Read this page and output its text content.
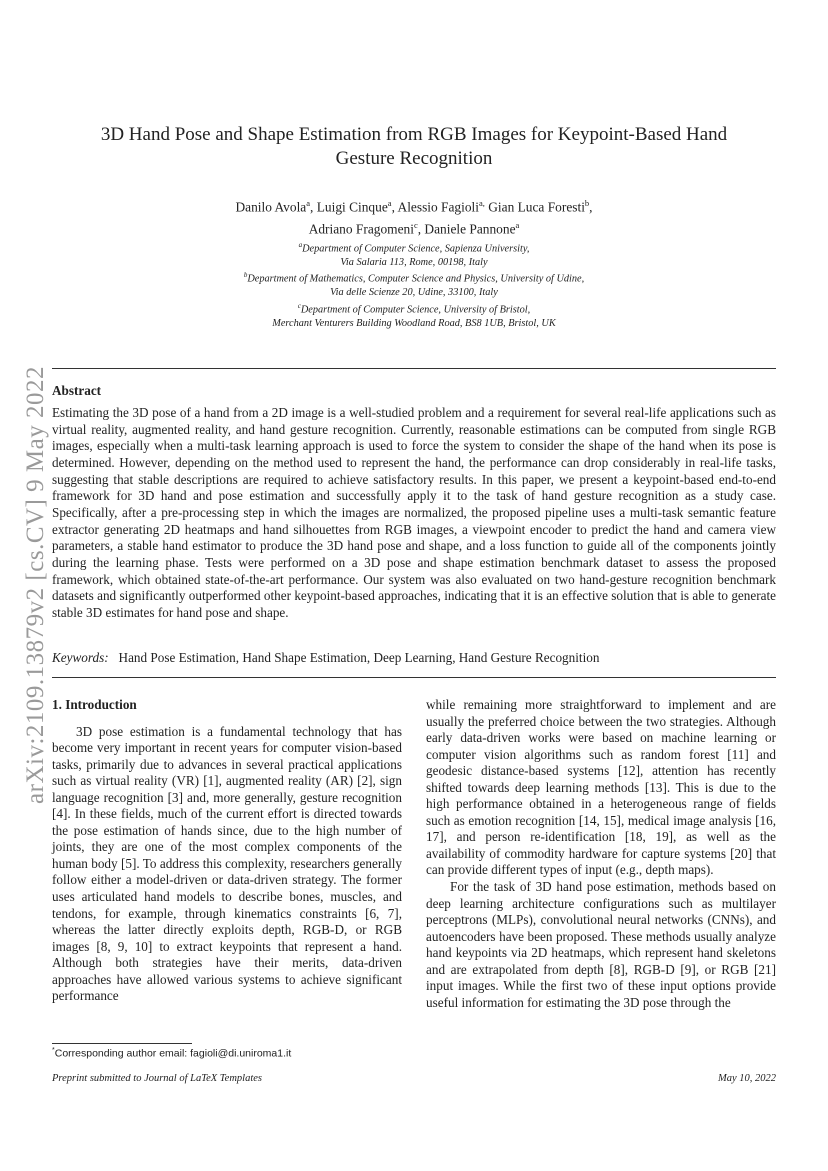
arXiv:2109.13879v2 [cs.CV] 9 May 2022
3D Hand Pose and Shape Estimation from RGB Images for Keypoint-Based Hand
Gesture Recognition
Danilo Avola$^a$, Luigi Cinque$^a$, Alessio Fagioli$^{a,}$ Gian Luca Foresti$^b$,
Adriano Fragomeni$^c$, Daniele Pannone$^a$
$^a$Department of Computer Science, Sapienza University,
Via Salaria 113, Rome, 00198, Italy
$^b$Department of Mathematics, Computer Science and Physics, University of Udine,
Via delle Scienze 20, Udine, 33100, Italy
$^c$Department of Computer Science, University of Bristol,
Merchant Venturers Building Woodland Road, BS8 1UB, Bristol, UK
Abstract

Estimating the 3D pose of a hand from a 2D image is a well-studied problem and a requirement for several real-life applications such as virtual reality, augmented reality, and hand gesture recognition. Currently, reasonable estimations can be computed from single RGB images, especially when a multi-task learning approach is used to force the system to consider the shape of the hand when its pose is determined. However, depending on the method used to represent the hand, the performance can drop considerably in real-life tasks, suggesting that stable descriptions are required to achieve satisfactory results. In this paper, we present a keypoint-based end-to-end framework for 3D hand and pose estimation and successfully apply it to the task of hand gesture recognition as a study case. Specifically, after a pre-processing step in which the images are normalized, the proposed pipeline uses a multi-task semantic feature extractor generating 2D heatmaps and hand silhouettes from RGB images, a viewpoint encoder to predict the hand and camera view parameters, a stable hand estimator to produce the 3D hand pose and shape, and a loss function to guide all of the components jointly during the learning phase. Tests were performed on a 3D pose and shape estimation benchmark dataset to assess the proposed framework, which obtained state-of-the-art performance. Our system was also evaluated on two hand-gesture recognition benchmark datasets and significantly outperformed other keypoint-based approaches, indicating that it is an effective solution that is able to generate stable 3D estimates for hand pose and shape.

Keywords: Hand Pose Estimation, Hand Shape Estimation, Deep Learning, Hand Gesture Recognition
1. Introduction

3D pose estimation is a fundamental technology that has become very important in recent years for computer vision-based tasks, primarily due to advances in several practical applications such as virtual reality (VR) [1], augmented reality (AR) [2], sign language recognition [3] and, more generally, gesture recognition [4]. In these fields, much of the current effort is directed towards the pose estimation of hands since, due to the high number of joints, they are one of the most complex components of the human body [5]. To address this complexity, researchers generally follow either a model-driven or data-driven strategy. The former uses articulated hand models to describe bones, muscles, and tendons, for example, through kinematics constraints [6, 7], whereas the latter directly exploits depth, RGB-D, or RGB images [8, 9, 10] to extract keypoints that represent a hand. Although both strategies have their merits, data-driven approaches have allowed various systems to achieve significant performance

while remaining more straightforward to implement and are usually the preferred choice between the two strategies. Although early data-driven works were based on machine learning or computer vision algorithms such as random forest [11] and geodesic distance-based systems [12], attention has recently shifted towards deep learning methods [13]. This is due to the high performance obtained in a heterogeneous range of fields such as emotion recognition [14, 15], medical image analysis [16, 17], and person re-identification [18, 19], as well as the availability of commodity hardware for capture systems [20] that can provide different types of input (e.g., depth maps).

For the task of 3D hand pose estimation, methods based on deep learning architecture configurations such as multilayer perceptrons (MLPs), convolutional neural networks (CNNs), and autoencoders have been proposed. These methods usually analyze hand keypoints via 2D heatmaps, which represent hand skeletons and are extrapolated from depth [8], RGB-D [9], or RGB [21] input images. While the first two of these input options provide useful information for estimating the 3D pose through the

*Corresponding author email: fagioli@di.uniroma1.it
Preprint submitted to Journal of LaTeX Templates	May 10, 2022
